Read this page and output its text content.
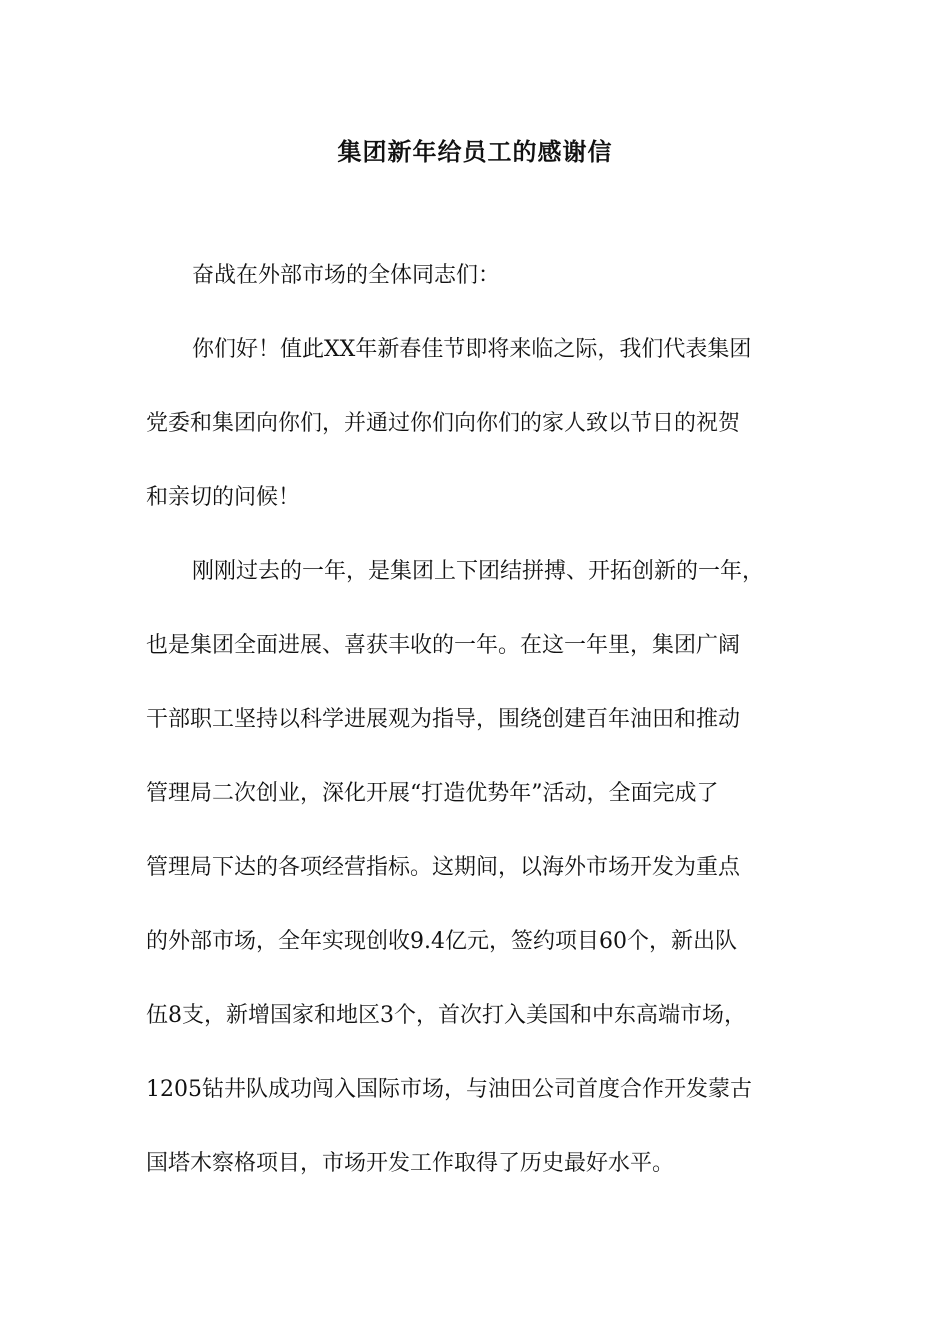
集团新年给员工的感谢信

奋战在外部市场的全体同志们：

你们好！值此XX年新春佳节即将来临之际，我们代表集团

党委和集团向你们，并通过你们向你们的家人致以节日的祝贺

和亲切的问候！

刚刚过去的一年，是集团上下团结拼搏、开拓创新的一年，

也是集团全面进展、喜获丰收的一年。在这一年里，集团广阔

干部职工坚持以科学进展观为指导，围绕创建百年油田和推动

管理局二次创业，深化开展“打造优势年”活动，全面完成了

管理局下达的各项经营指标。这期间，以海外市场开发为重点

的外部市场，全年实现创收9.4亿元，签约项目60个，新出队

伍8支，新增国家和地区3个，首次打入美国和中东高端市场，

1205钻井队成功闯入国际市场，与油田公司首度合作开发蒙古

国塔木察格项目，市场开发工作取得了历史最好水平。
